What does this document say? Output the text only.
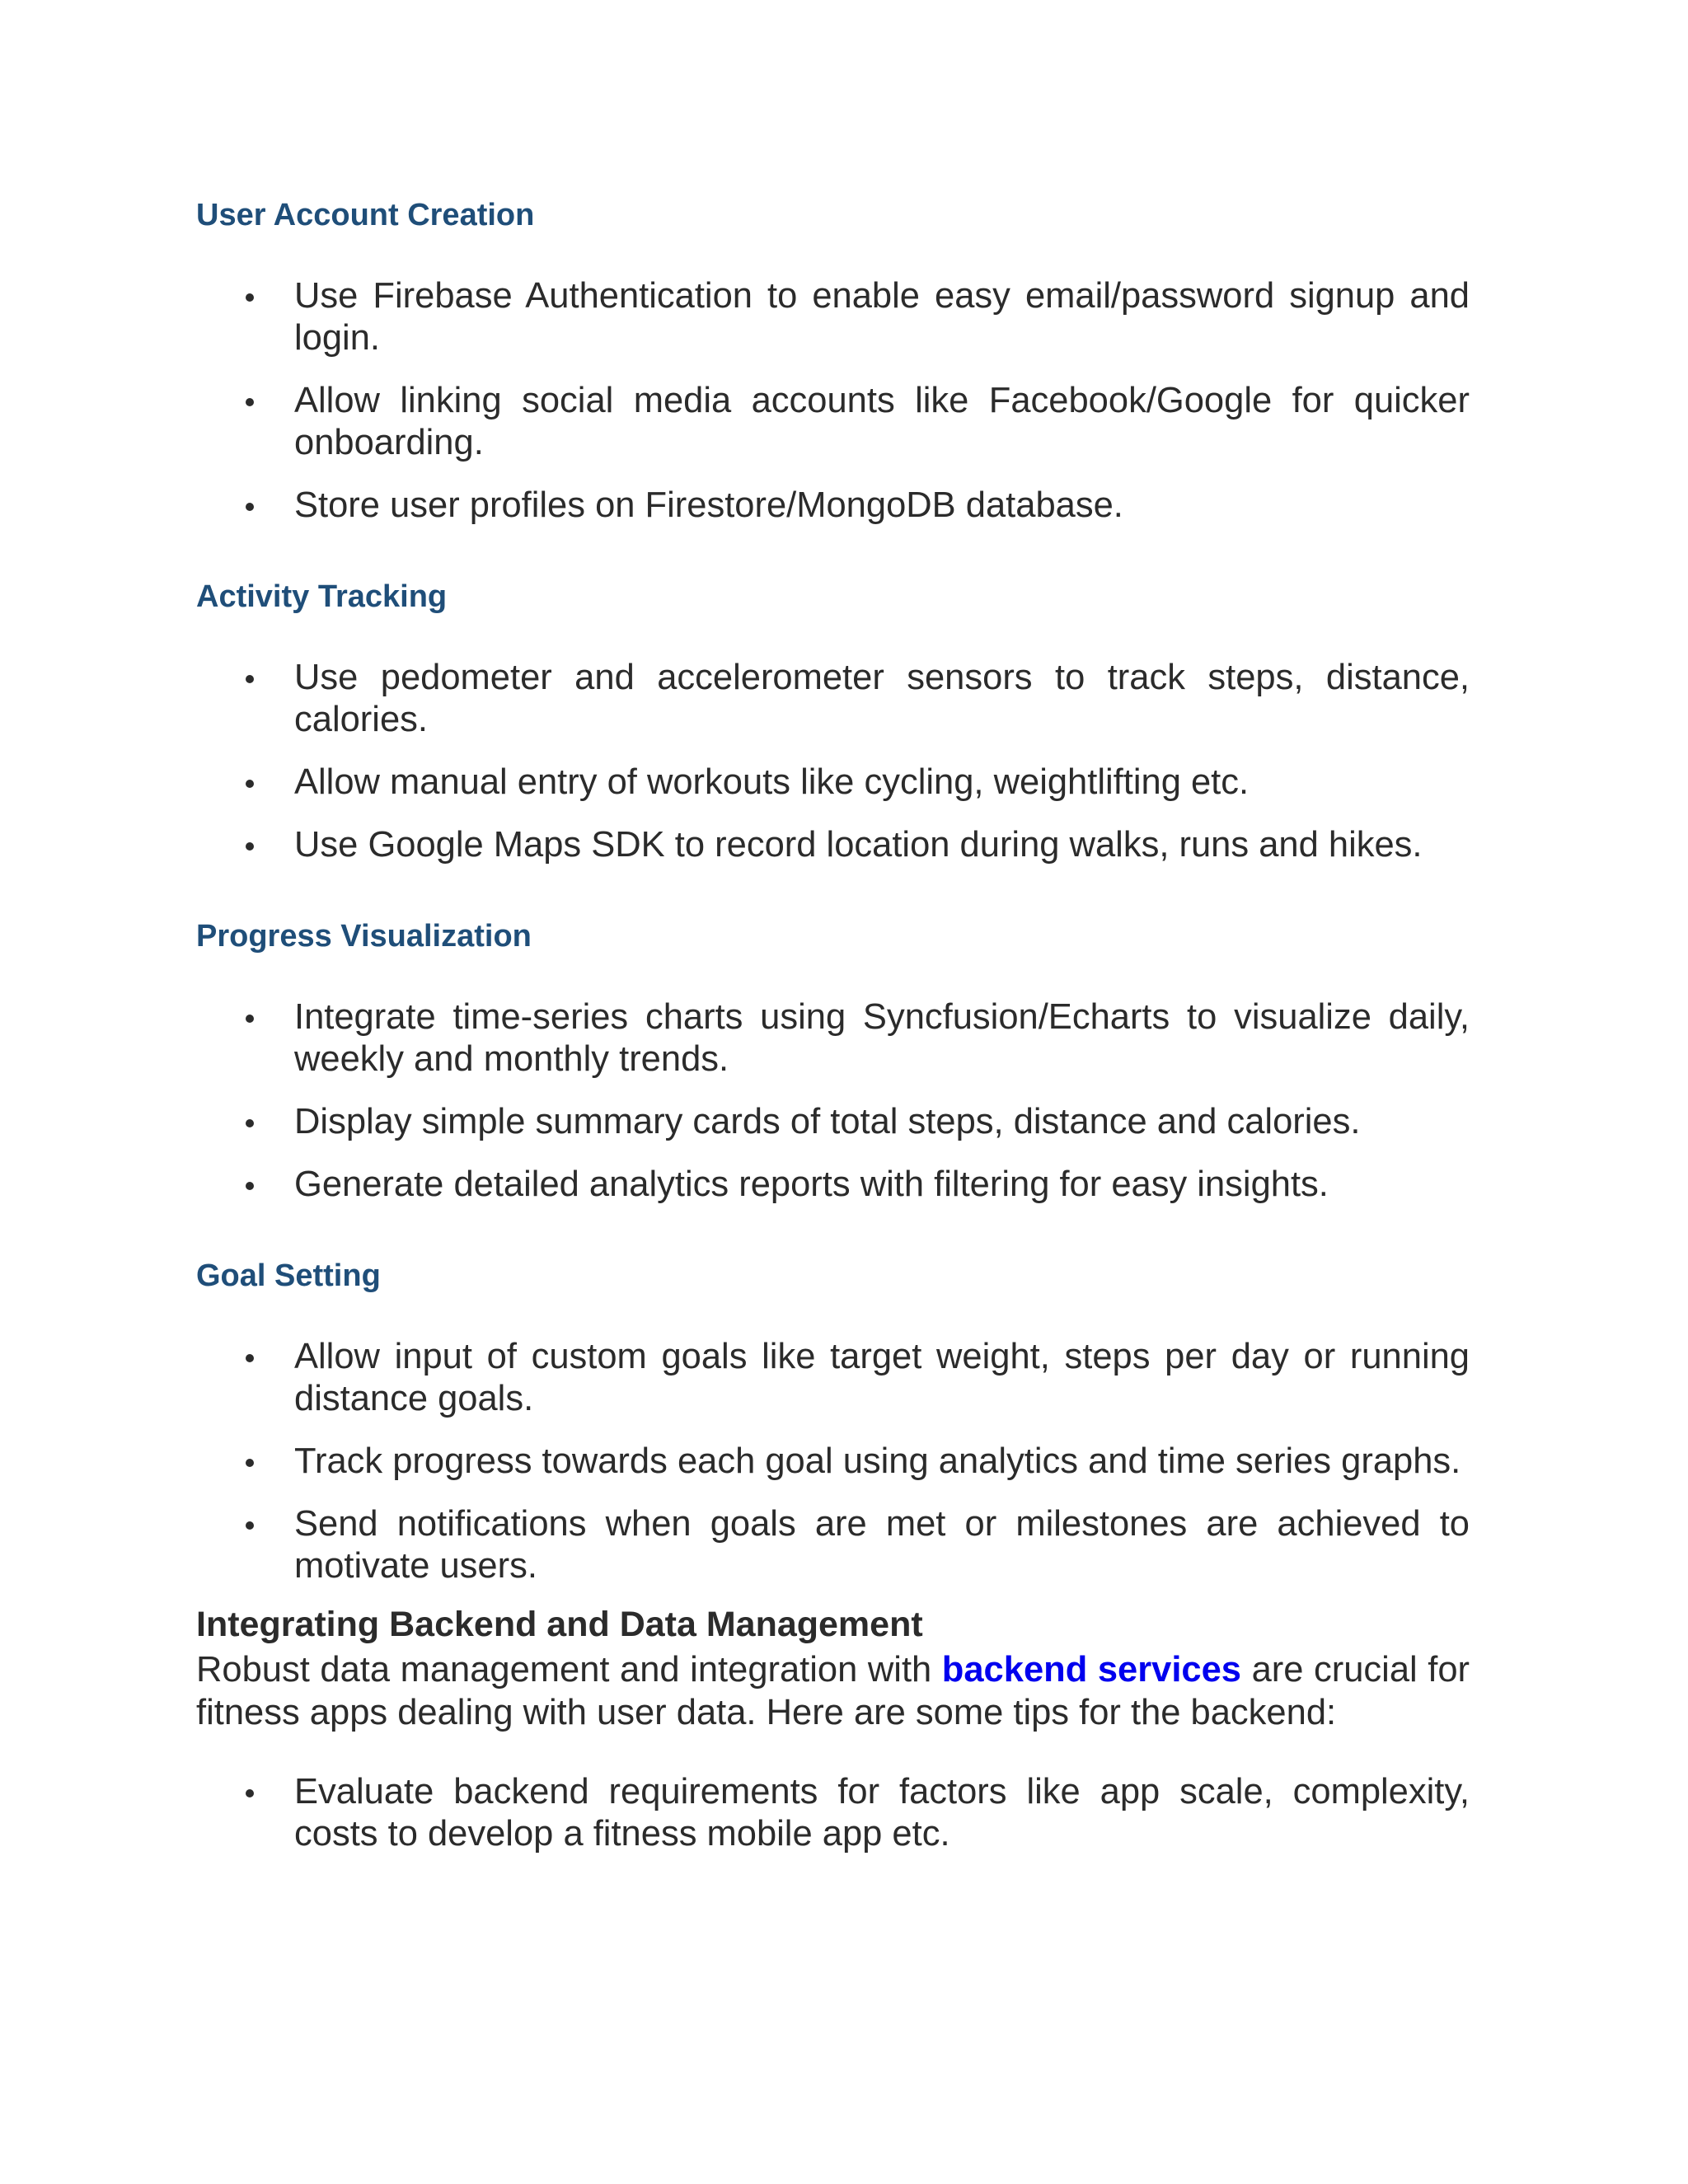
User Account Creation
Use Firebase Authentication to enable easy email/password signup and login.
Allow linking social media accounts like Facebook/Google for quicker onboarding.
Store user profiles on Firestore/MongoDB database.
Activity Tracking
Use pedometer and accelerometer sensors to track steps, distance, calories.
Allow manual entry of workouts like cycling, weightlifting etc.
Use Google Maps SDK to record location during walks, runs and hikes.
Progress Visualization
Integrate time-series charts using Syncfusion/Echarts to visualize daily, weekly and monthly trends.
Display simple summary cards of total steps, distance and calories.
Generate detailed analytics reports with filtering for easy insights.
Goal Setting
Allow input of custom goals like target weight, steps per day or running distance goals.
Track progress towards each goal using analytics and time series graphs.
Send notifications when goals are met or milestones are achieved to motivate users.
Integrating Backend and Data Management

Robust data management and integration with backend services are crucial for fitness apps dealing with user data. Here are some tips for the backend:

Evaluate backend requirements for factors like app scale, complexity, costs to develop a fitness mobile app etc.
